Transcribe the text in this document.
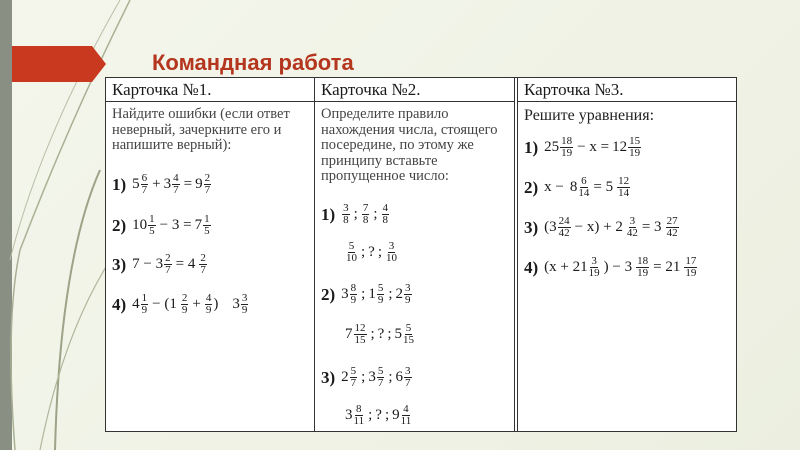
Командная работа
Карточка №1.
Найдите ошибки (если ответ неверный, зачеркните его и напишите верный):
1) $5 \frac{6}{7} + 3 \frac{4}{7} = 9 \frac{2}{7}$
2) $10 \frac{1}{5} - 3 = 7 \frac{1}{5}$
3) $7 - 3 \frac{2}{7} = 4 \frac{2}{7}$
4) $4 \frac{1}{9} - (1 \frac{2}{9} + \frac{4}{9}$ ) $3 \frac{3}{9}$
Карточка №2.
Определите правило нахождения числа, стоящего посередине, по этому же принципу вставьте пропущенное число:
$1) \frac{3}{8}$ ; $\frac{7}{8}$ ; $\frac{4}{8}$
$\frac{5}{10}$ ; ? ; $\frac{3}{10}$
2) $3 \frac{8}{9}$ ; $1 \frac{5}{9}$ ; $2 \frac{3}{9}$
$7 \frac{12}{15}$ ; ? ; $5 \frac{5}{15}$
3) $2 \frac{5}{7}$ ; $3 \frac{5}{7}$ ; $6 \frac{3}{7}$
$3 \frac{8}{11}$ ; ? ; $9 \frac{4}{11}$
Карточка №3.
Решите уравнения:
1) $25 \frac{18}{19} - x = 12 \frac{15}{19}$
2) $x - 8 \frac{6}{14} = 5 \frac{12}{14}$
3) $(3 \frac{24}{42} - x) + 2 \frac{3}{42} = 3 \frac{27}{42}$
4) ($x + 21 \frac{3}{19}$ ) − $3 \frac{18}{19} = 21 \frac{17}{19}$
